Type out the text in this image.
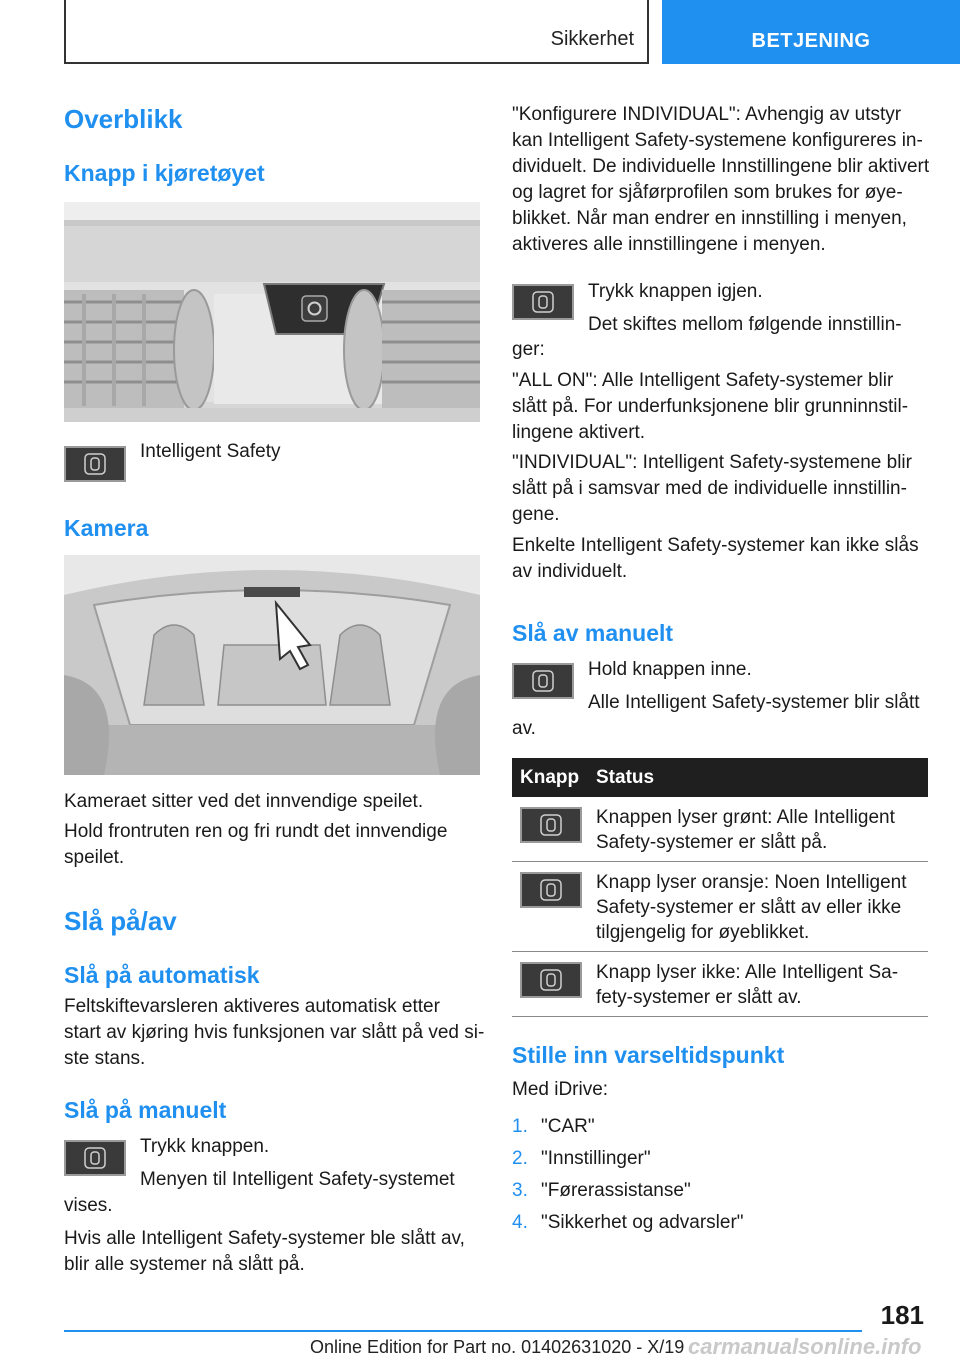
Sikkerhet	BETJENING
Overblikk
Knapp i kjøretøyet
Intelligent Safety
Kamera

Kameraet sitter ved det innvendige speilet.

Hold frontruten ren og fri rundt det innvendige

speilet.

Slå på/av
Slå på automatisk

Feltskiftevarsleren aktiveres automatisk etter

start av kjøring hvis funksjonen var slått på ved si-

ste stans.

Slå på manuelt

Trykk knappen.

Menyen til Intelligent Safety-systemet

vises.

Hvis alle Intelligent Safety-systemer ble slått av,

blir alle systemer nå slått på.

"Konfigurere INDIVIDUAL": Avhengig av utstyr

kan Intelligent Safety-systemene konfigureres in-

dividuelt. De individuelle Innstillingene blir aktivert

og lagret for sjåførprofilen som brukes for øye-

blikket. Når man endrer en innstilling i menyen,

aktiveres alle innstillingene i menyen.

Trykk knappen igjen.

Det skiftes mellom følgende innstillin-

ger:

"ALL ON": Alle Intelligent Safety-systemer blir

slått på. For underfunksjonene blir grunninnstil-

lingene aktivert.

"INDIVIDUAL": Intelligent Safety-systemene blir

slått på i samsvar med de individuelle innstillin-

gene.

Enkelte Intelligent Safety-systemer kan ikke slås

av individuelt.

Slå av manuelt

Hold knappen inne.

Alle Intelligent Safety-systemer blir slått

av.

Knapp Status
Knappen lyser grønt: Alle Intelligent
Safety-systemer er slått på.
Knapp lyser oransje: Noen Intelligent
Safety-systemer er slått av eller ikke
tilgjengelig for øyeblikket.
Knapp lyser ikke: Alle Intelligent Sa-
fety-systemer er slått av.
Stille inn varseltidspunkt

Med iDrive:

1. "CAR"
2. "Innstillinger"
3. "Førerassistanse"
4. "Sikkerhet og advarsler"
181
Online Edition for Part no. 01402631020 - X/19 carmanualsonline.info
